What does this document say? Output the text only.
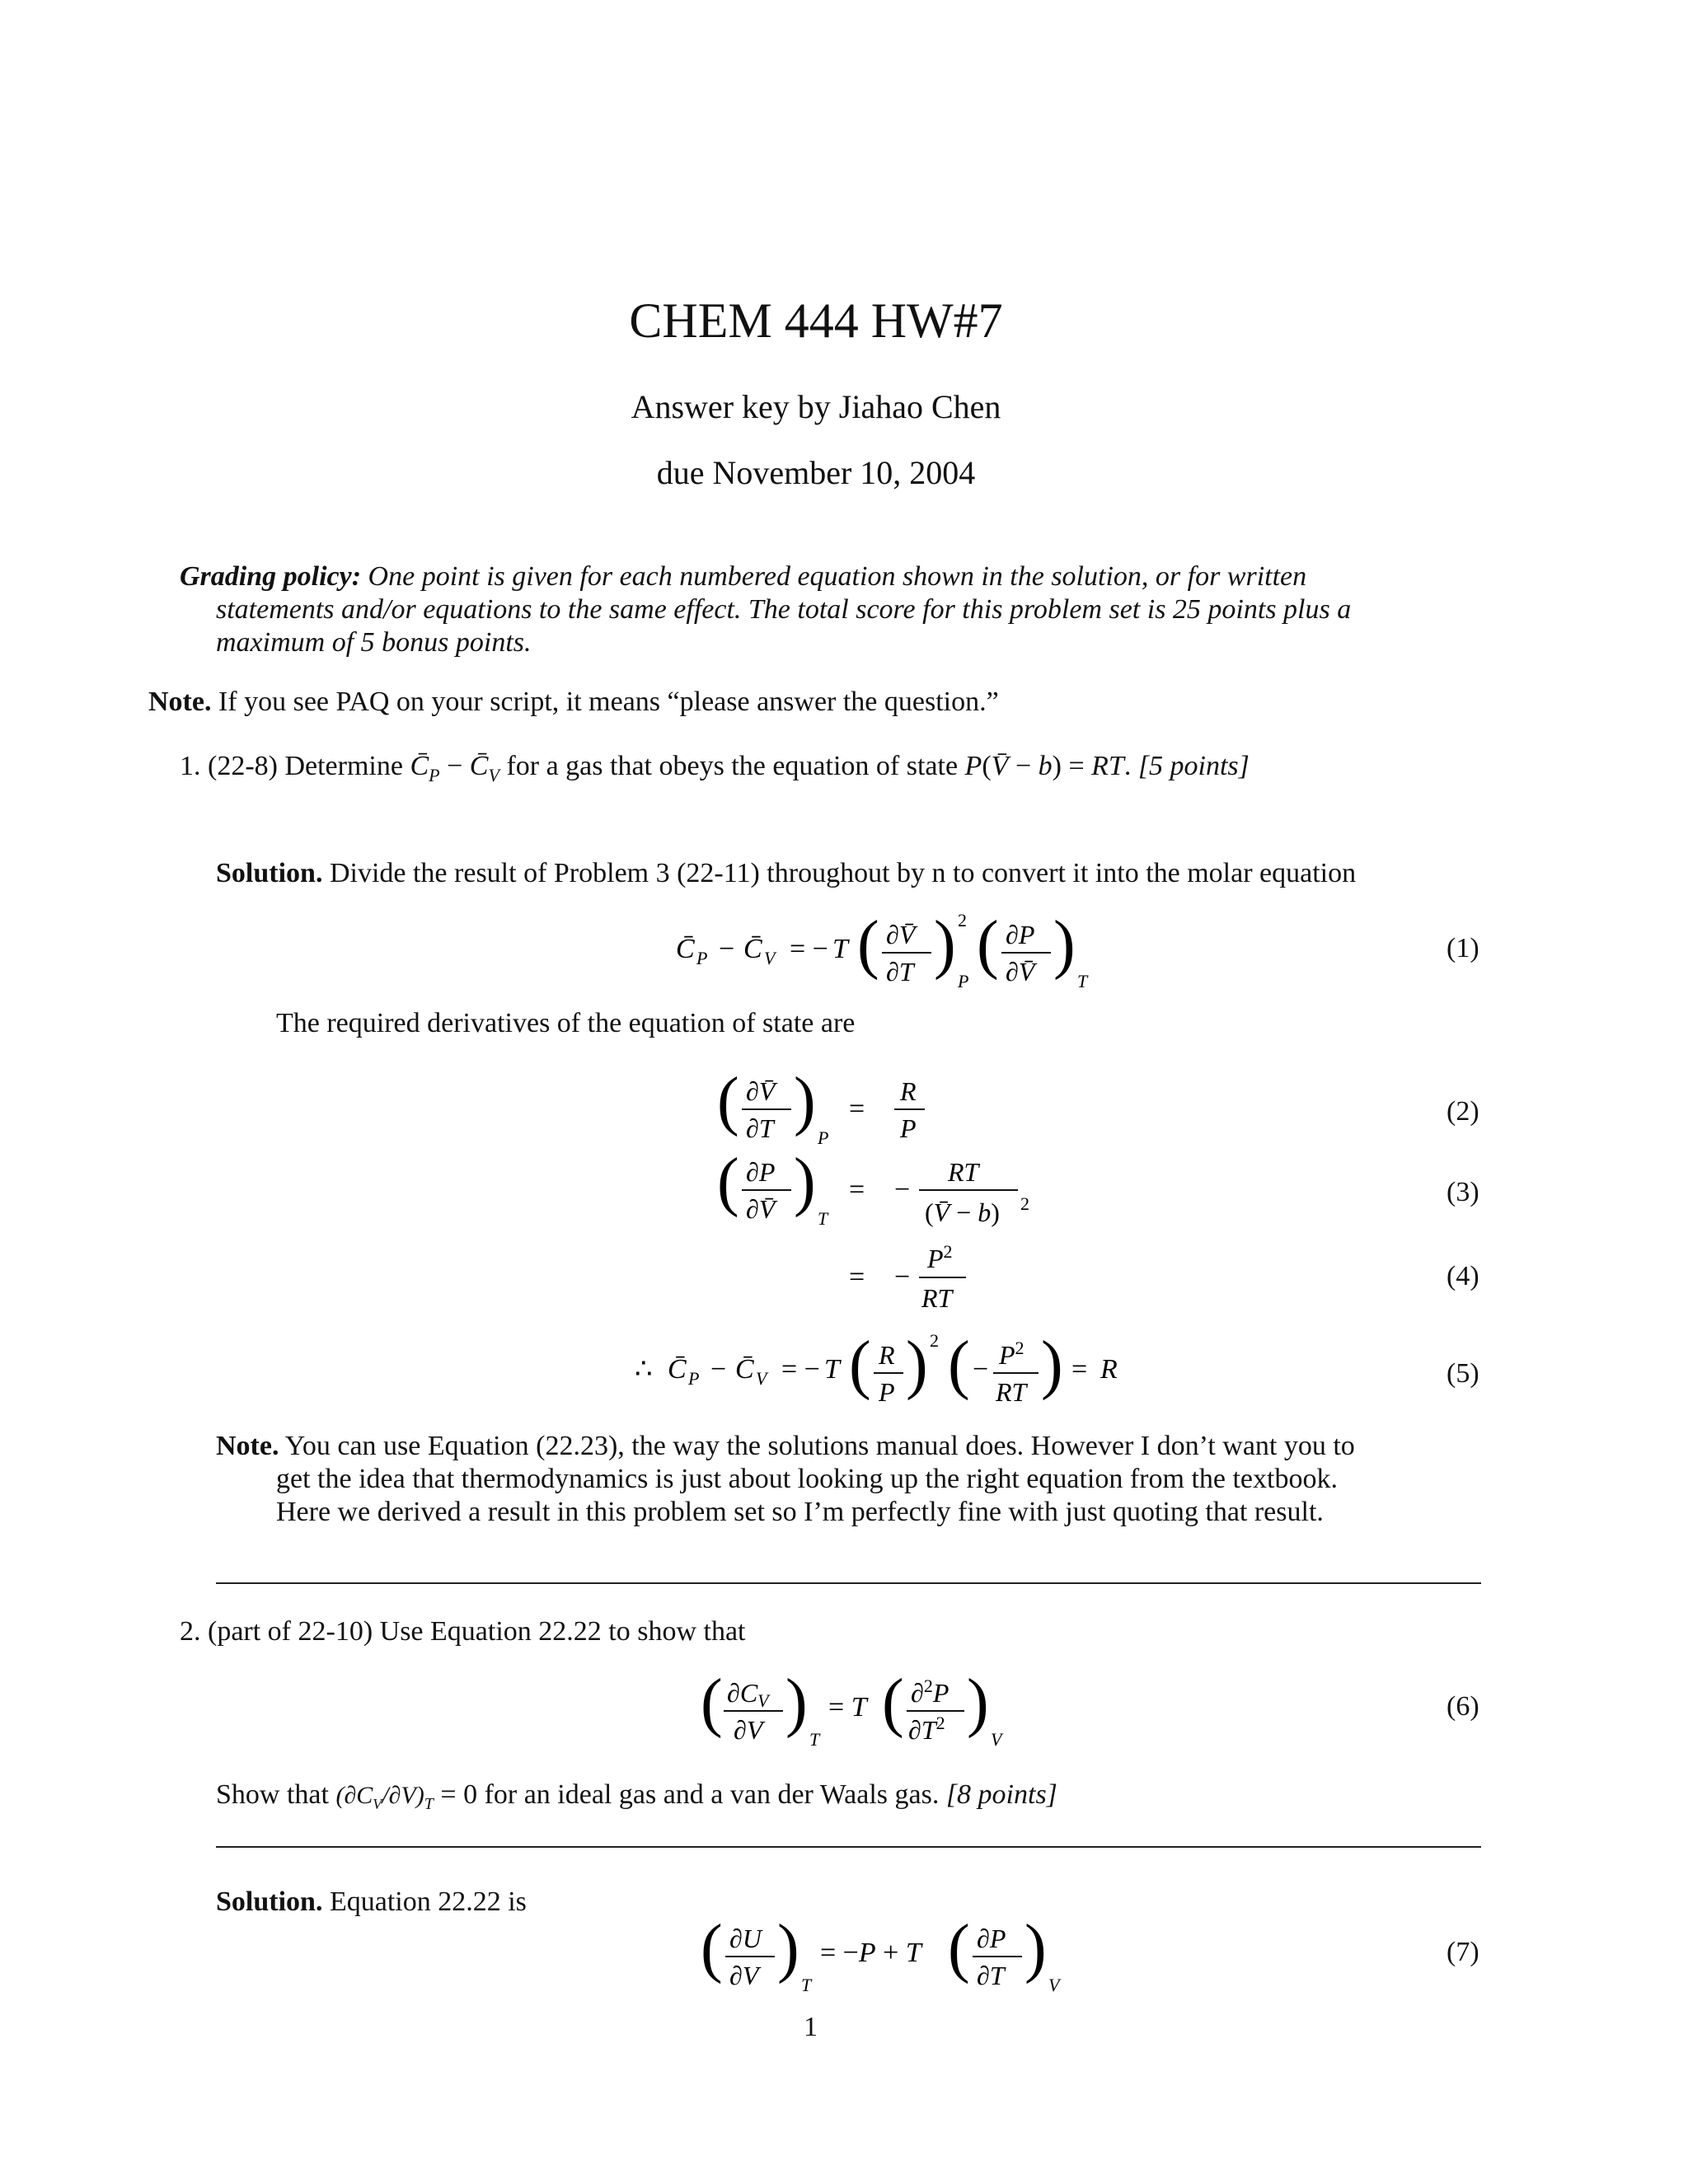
CHEM 444 HW#7
Answer key by Jiahao Chen
due November 10, 2004
Grading policy: One point is given for each numbered equation shown in the solution, or for written
statements and/or equations to the same effect. The total score for this problem set is 25 points plus a
maximum of 5 bonus points.
Note. If you see PAQ on your script, it means “please answer the question.”
1. (22-8) Determine $C̄_P$ − $C̄_V$ for a gas that obeys the equation of state P(V̄ − b) = RT. [5 points]
Solution. Divide the result of Problem 3 (22-11) throughout by n to convert it into the molar equation
C̄ P − C̄ V = − T ( ∂V̄
∂T ) 2
P
( ∂P
∂V̄ )
T
(1)
The required derivatives of the equation of state are
( ∂V̄
∂T )
P
=
R
P
( ∂P
∂V̄ )
T
= −
RT
(V̄ − b) 2
= −
$P^2$
RT
(2)
(3)
(4)
∴ C̄ P − C̄ V = − T ( R
P ) 2 ( − $P^2$
RT ) = R	(5)
Note. You can use Equation (22.23), the way the solutions manual does. However I don’t want you to
get the idea that thermodynamics is just about looking up the right equation from the textbook.
Here we derived a result in this problem set so I’m perfectly fine with just quoting that result.
2. (part of 22-10) Use Equation 22.22 to show that
( ∂CV
∂V )
T
= T ( ∂$^2$P
$\partial T^2$ )
V
(6)
Show that $(\partial C_V/\partial V)_T = 0$ for an ideal gas and a van der Waals gas. [8 points]
Solution. Equation 22.22 is
( ∂U
∂V )
T
= −P + T ( ∂P
∂T )
V
(7)
1
